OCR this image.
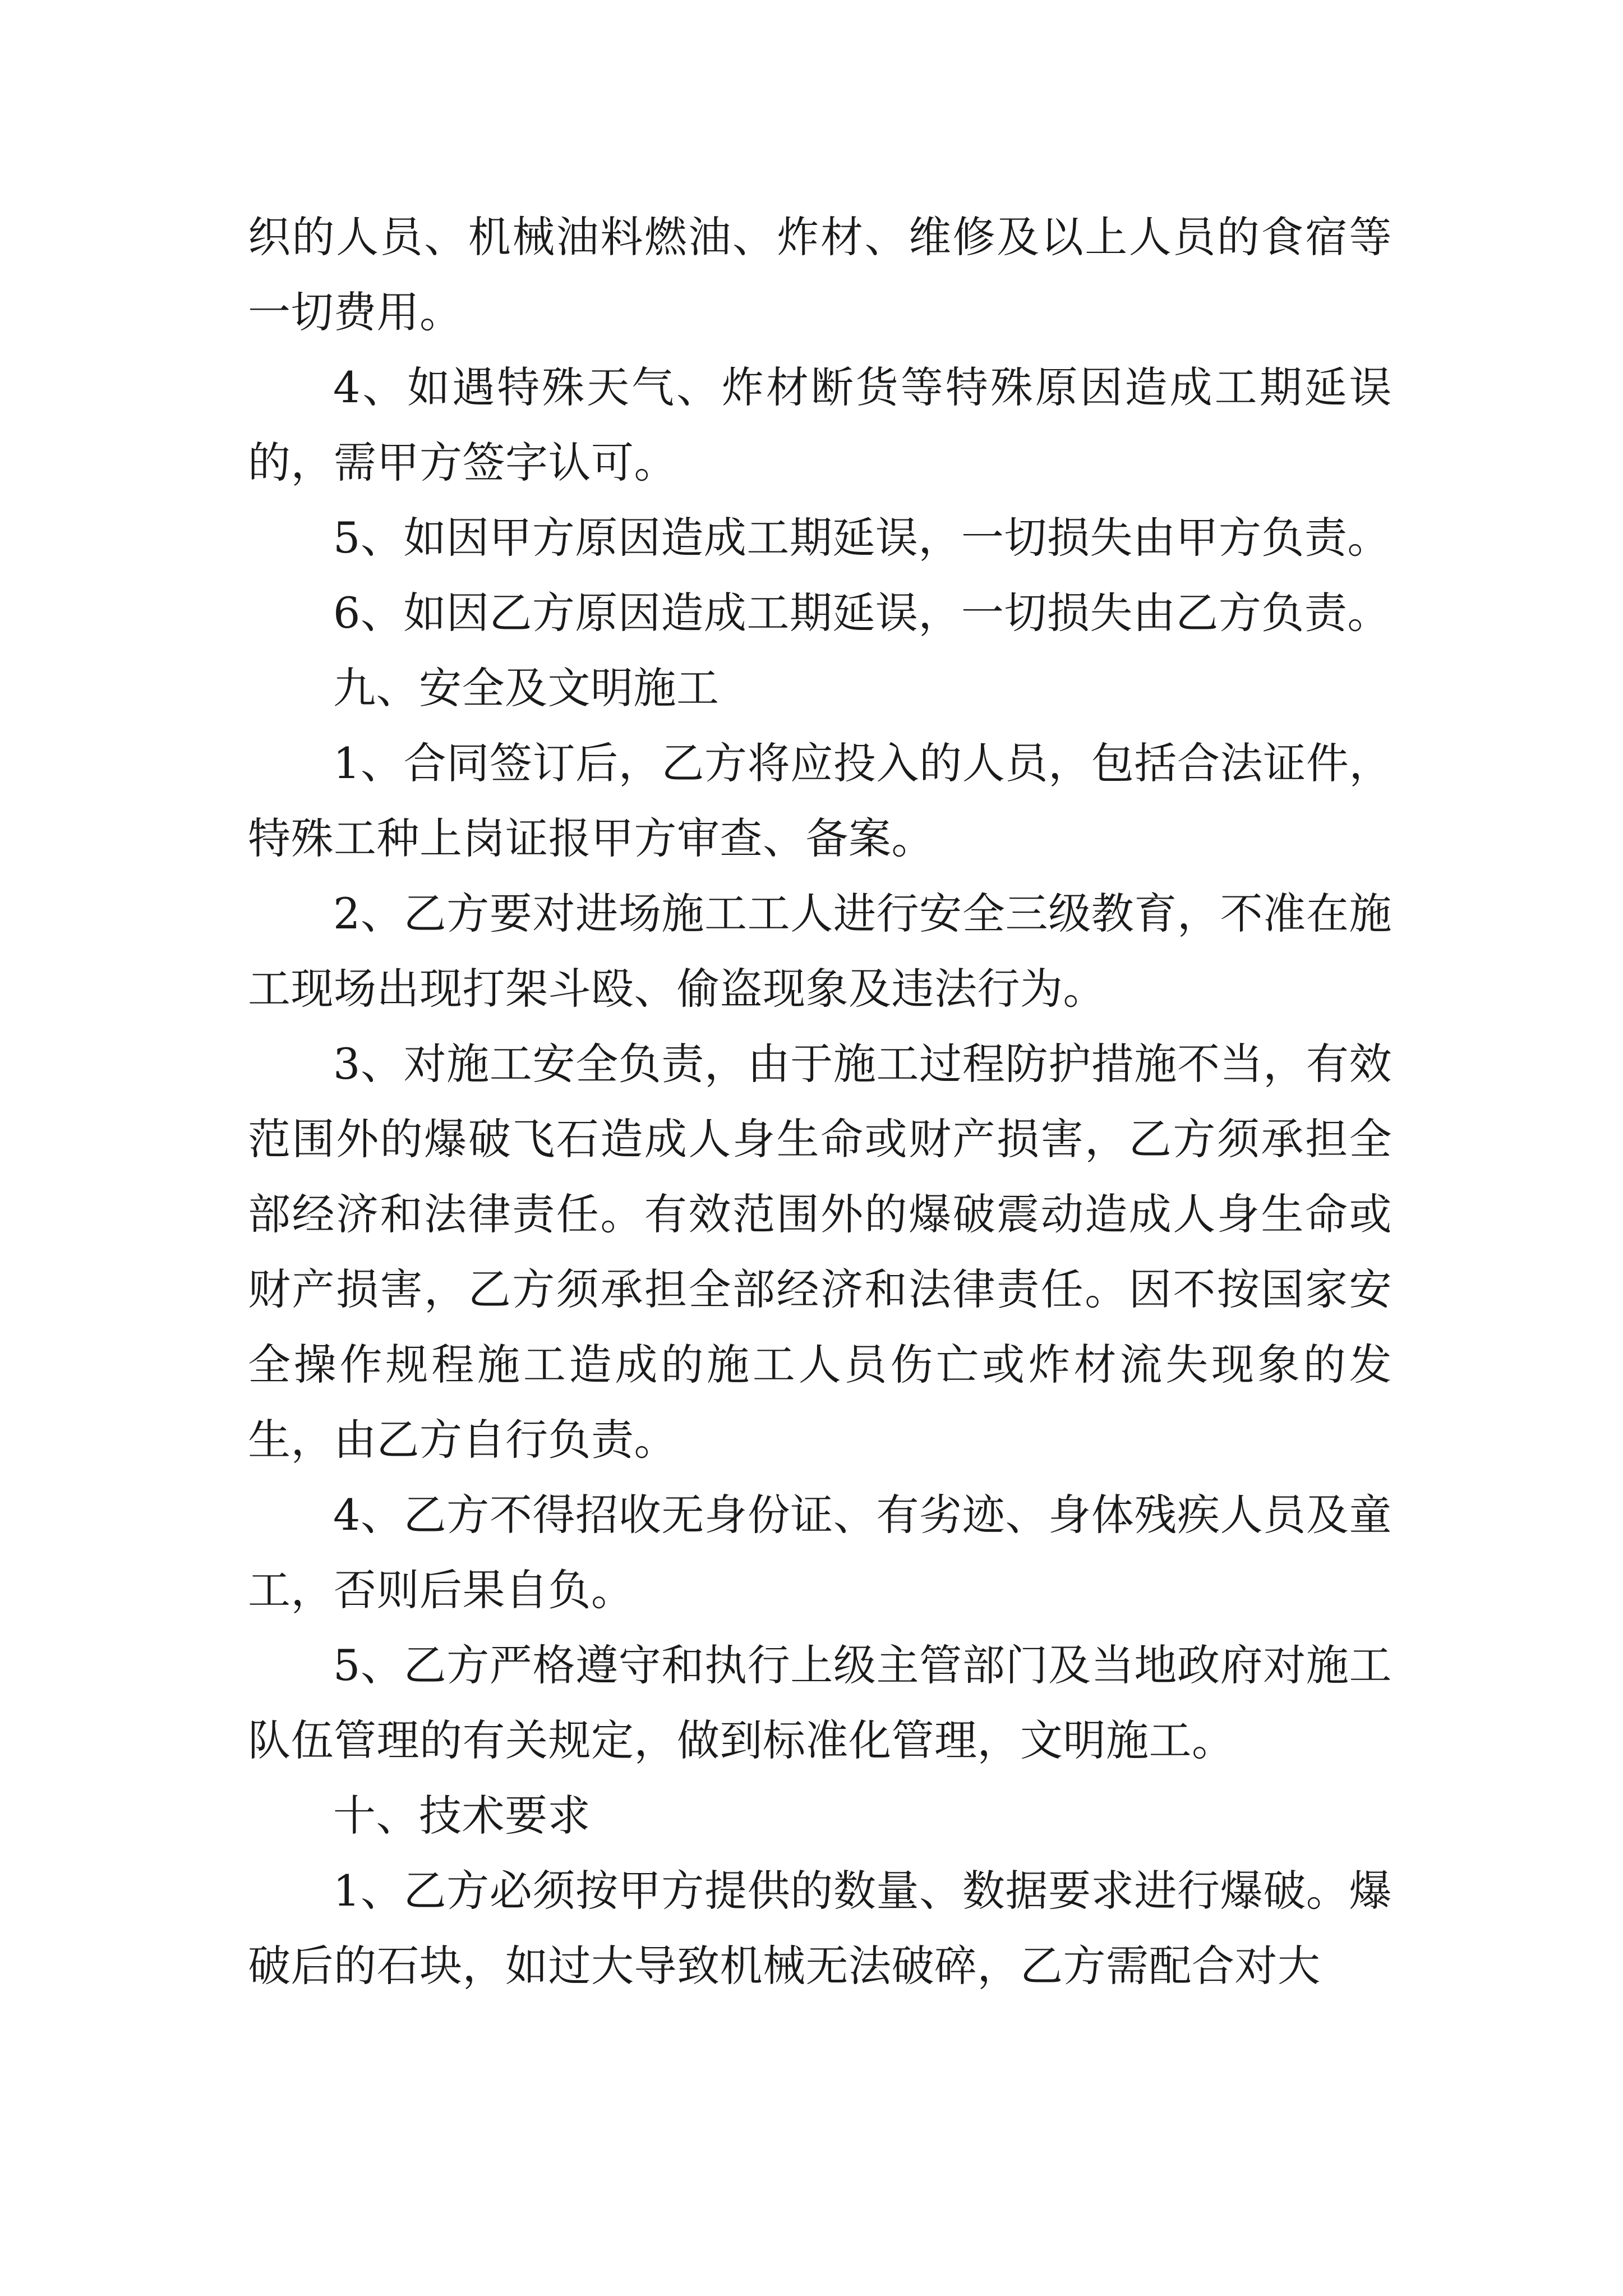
织的人员、机械油料燃油、炸材、维修及以上人员的食宿等一切费用。

4、如遇特殊天气、炸材断货等特殊原因造成工期延误的，需甲方签字认可。

5、如因甲方原因造成工期延误，一切损失由甲方负责。

6、如因乙方原因造成工期延误，一切损失由乙方负责。

九、安全及文明施工

1、合同签订后，乙方将应投入的人员，包括合法证件，特殊工种上岗证报甲方审查、备案。

2、乙方要对进场施工工人进行安全三级教育，不准在施工现场出现打架斗殴、偷盗现象及违法行为。

3、对施工安全负责，由于施工过程防护措施不当，有效范围外的爆破飞石造成人身生命或财产损害，乙方须承担全部经济和法律责任。有效范围外的爆破震动造成人身生命或财产损害，乙方须承担全部经济和法律责任。因不按国家安全操作规程施工造成的施工人员伤亡或炸材流失现象的发生，由乙方自行负责。

4、乙方不得招收无身份证、有劣迹、身体残疾人员及童工，否则后果自负。

5、乙方严格遵守和执行上级主管部门及当地政府对施工队伍管理的有关规定，做到标准化管理，文明施工。

十、技术要求

1、乙方必须按甲方提供的数量、数据要求进行爆破。爆破后的石块，如过大导致机械无法破碎，乙方需配合对大
